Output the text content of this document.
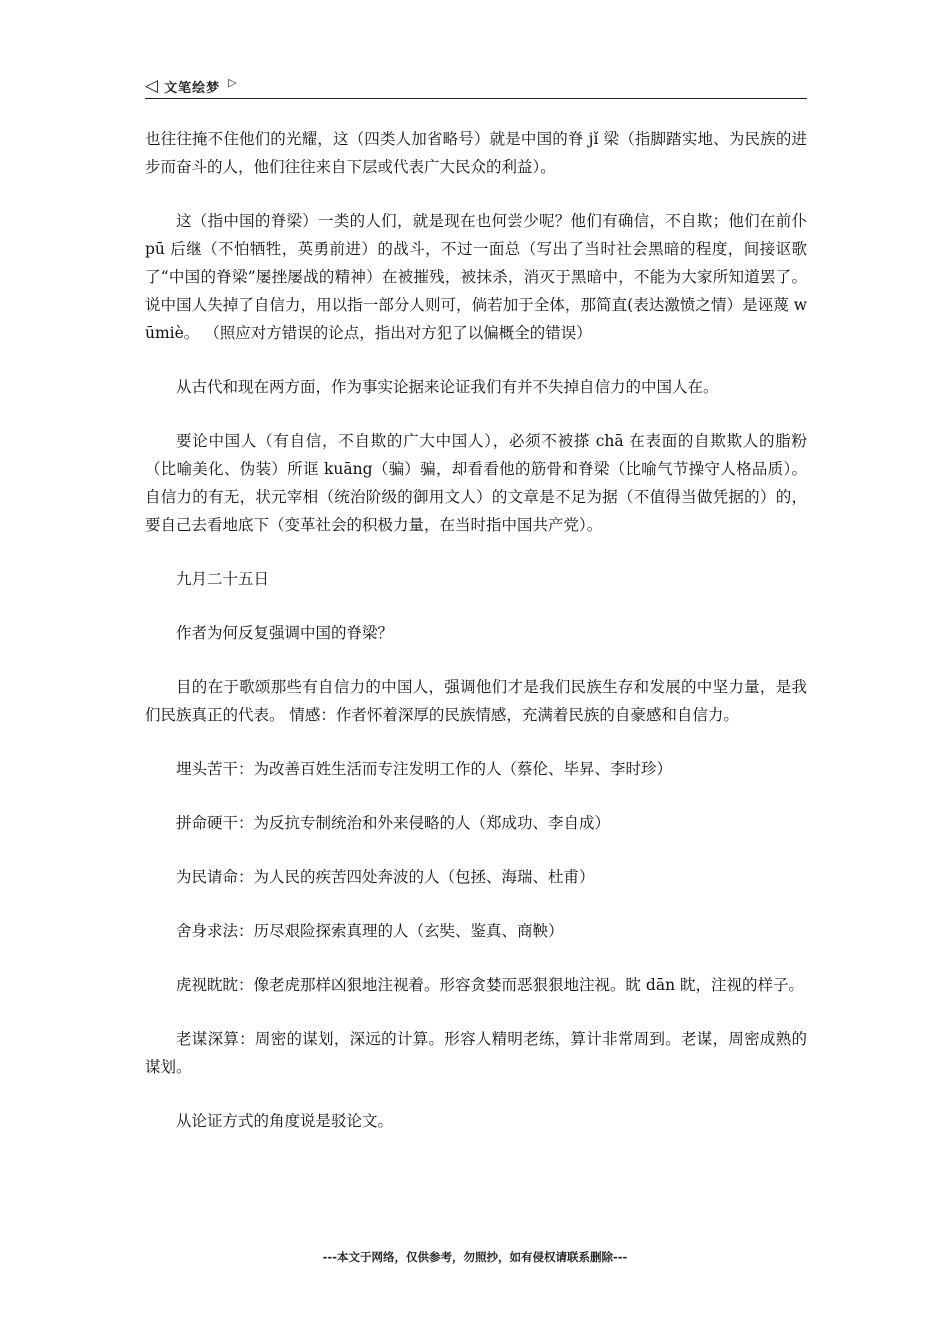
◁ 文笔绘梦 ▷

也往往掩不住他们的光耀，这（四类人加省略号）就是中国的脊 jǐ 梁（指脚踏实地、为民族的进步而奋斗的人，他们往往来自下层或代表广大民众的利益）。

这（指中国的脊梁）一类的人们，就是现在也何尝少呢？他们有确信，不自欺；他们在前仆 pū 后继（不怕牺牲，英勇前进）的战斗，不过一面总（写出了当时社会黑暗的程度，间接讴歌了“中国的脊梁”屡挫屡战的精神）在被摧残，被抹杀，消灭于黑暗中，不能为大家所知道罢了。说中国人失掉了自信力，用以指一部分人则可，倘若加于全体，那简直(表达激愤之情）是诬蔑 wūmiè。 （照应对方错误的论点，指出对方犯了以偏概全的错误）

从古代和现在两方面，作为事实论据来论证我们有并不失掉自信力的中国人在。

要论中国人（有自信，不自欺的广大中国人），必须不被搽 chā 在表面的自欺欺人的脂粉（比喻美化、伪装）所诓 kuāng（骗）骗，却看看他的筋骨和脊梁（比喻气节操守人格品质）。自信力的有无，状元宰相（统治阶级的御用文人）的文章是不足为据（不值得当做凭据的）的，要自己去看地底下（变革社会的积极力量，在当时指中国共产党）。

九月二十五日

作者为何反复强调中国的脊梁？

目的在于歌颂那些有自信力的中国人，强调他们才是我们民族生存和发展的中坚力量，是我们民族真正的代表。 情感：作者怀着深厚的民族情感，充满着民族的自豪感和自信力。

埋头苦干：为改善百姓生活而专注发明工作的人（蔡伦、毕昇、李时珍）

拼命硬干：为反抗专制统治和外来侵略的人（郑成功、李自成）

为民请命：为人民的疾苦四处奔波的人（包拯、海瑞、杜甫）

舍身求法：历尽艰险探索真理的人（玄奘、鉴真、商鞅）

虎视眈眈：像老虎那样凶狠地注视着。形容贪婪而恶狠狠地注视。眈 dān 眈，注视的样子。

老谋深算：周密的谋划，深远的计算。形容人精明老练，算计非常周到。老谋，周密成熟的谋划。

从论证方式的角度说是驳论文。

---本文于网络，仅供参考，勿照抄，如有侵权请联系删除---
